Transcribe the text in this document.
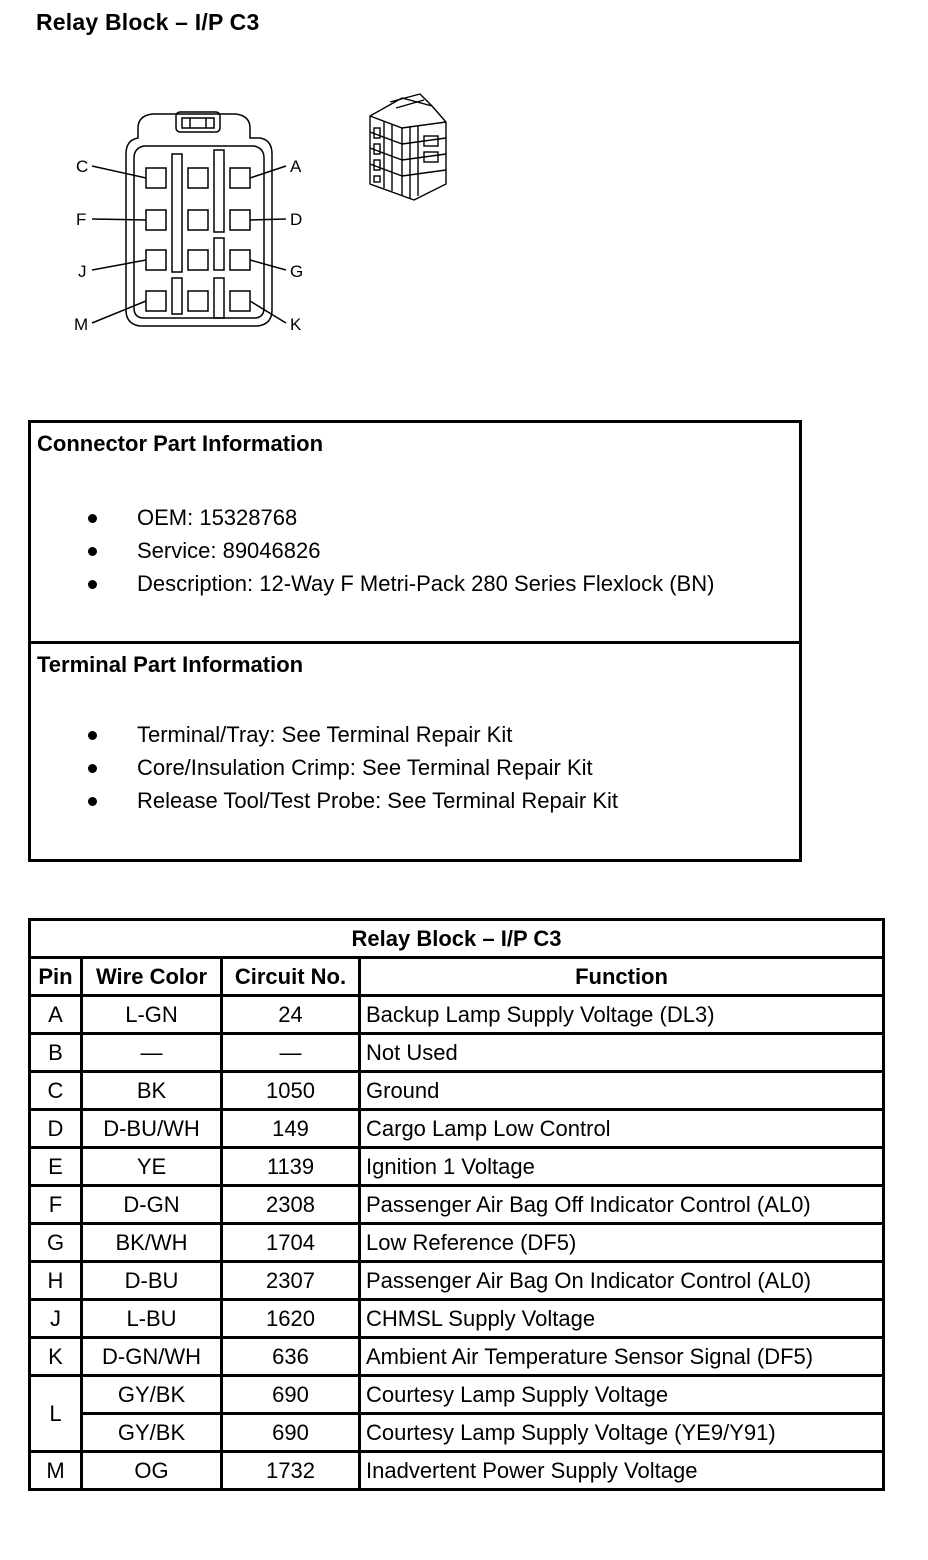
Relay Block – I/P C3
C	A
F	D
J	G
M	K
Connector Part Information
OEM: 15328768
Service: 89046826
Description: 12-Way F Metri-Pack 280 Series Flexlock (BN)
Terminal Part Information
Terminal/Tray: See Terminal Repair Kit
Core/Insulation Crimp: See Terminal Repair Kit
Release Tool/Test Probe: See Terminal Repair Kit
Relay Block – I/P C3			
Pin	Wire Color	Circuit No.	Function
A	L-GN	24	Backup Lamp Supply Voltage (DL3)
B	—	—	Not Used
C	BK	1050	Ground
D	D-BU/WH	149	Cargo Lamp Low Control
E	YE	1139	Ignition 1 Voltage
F	D-GN	2308	Passenger Air Bag Off Indicator Control (AL0)
G	BK/WH	1704	Low Reference (DF5)
H	D-BU	2307	Passenger Air Bag On Indicator Control (AL0)
J	L-BU	1620	CHMSL Supply Voltage
K	D-GN/WH	636	Ambient Air Temperature Sensor Signal (DF5)
L	GY/BK	690	Courtesy Lamp Supply Voltage
	GY/BK	690	Courtesy Lamp Supply Voltage (YE9/Y91)
M	OG	1732	Inadvertent Power Supply Voltage
